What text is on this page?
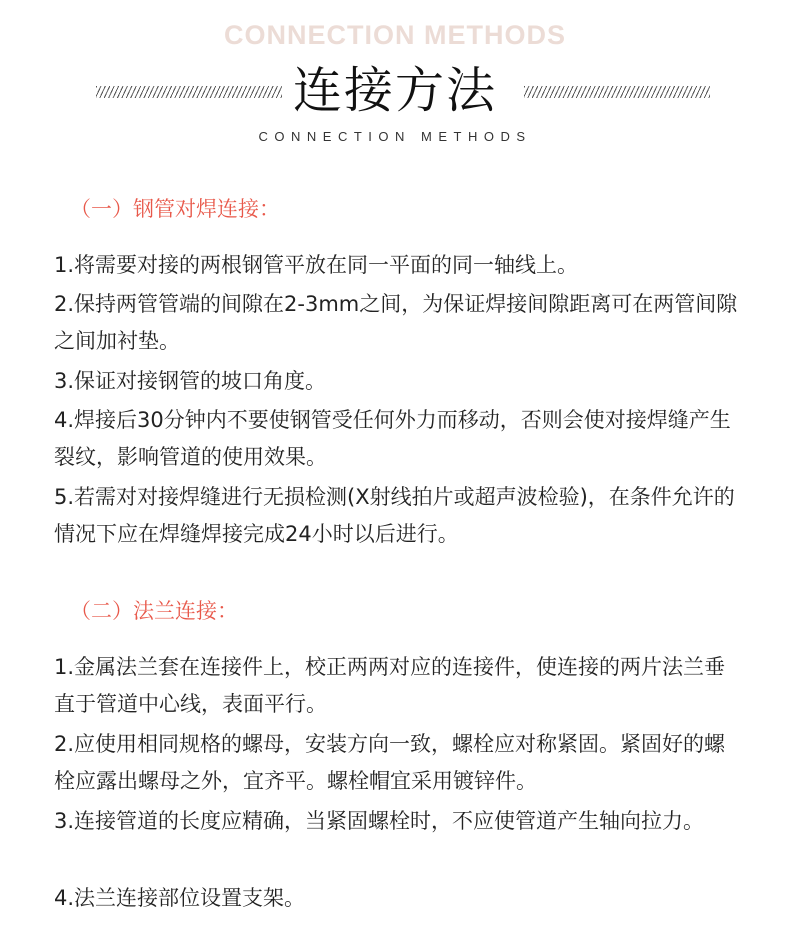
CONNECTION METHODS
连接方法
CONNECTION METHODS
（一）钢管对焊连接：
1.将需要对接的两根钢管平放在同一平面的同一轴线上。
2.保持两管管端的间隙在2-3mm之间，为保证焊接间隙距离可在两管间隙之间加衬垫。
3.保证对接钢管的坡口角度。
4.焊接后30分钟内不要使钢管受任何外力而移动，否则会使对接焊缝产生裂纹，影响管道的使用效果。
5.若需对对接焊缝进行无损检测(X射线拍片或超声波检验)，在条件允许的情况下应在焊缝焊接完成24小时以后进行。
（二）法兰连接：
1.金属法兰套在连接件上，校正两两对应的连接件，使连接的两片法兰垂直于管道中心线，表面平行。
2.应使用相同规格的螺母，安装方向一致，螺栓应对称紧固。紧固好的螺栓应露出螺母之外，宜齐平。螺栓帽宜采用镀锌件。
3.连接管道的长度应精确，当紧固螺栓时，不应使管道产生轴向拉力。
4.法兰连接部位设置支架。
